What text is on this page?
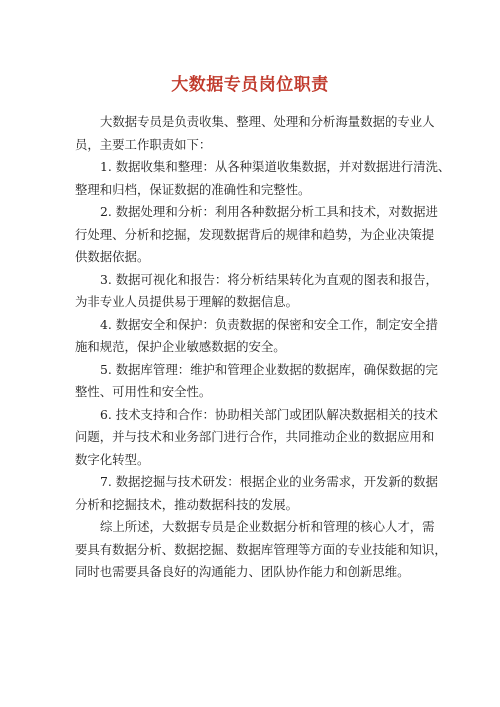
大数据专员岗位职责

大数据专员是负责收集、整理、处理和分析海量数据的专业人
员，主要工作职责如下：

1. 数据收集和整理：从各种渠道收集数据，并对数据进行清洗、
整理和归档，保证数据的准确性和完整性。

2. 数据处理和分析：利用各种数据分析工具和技术，对数据进
行处理、分析和挖掘，发现数据背后的规律和趋势，为企业决策提
供数据依据。

3. 数据可视化和报告：将分析结果转化为直观的图表和报告，
为非专业人员提供易于理解的数据信息。

4. 数据安全和保护：负责数据的保密和安全工作，制定安全措
施和规范，保护企业敏感数据的安全。

5. 数据库管理：维护和管理企业数据的数据库，确保数据的完
整性、可用性和安全性。

6. 技术支持和合作：协助相关部门或团队解决数据相关的技术
问题，并与技术和业务部门进行合作，共同推动企业的数据应用和
数字化转型。

7. 数据挖掘与技术研发：根据企业的业务需求，开发新的数据
分析和挖掘技术，推动数据科技的发展。

综上所述，大数据专员是企业数据分析和管理的核心人才，需
要具有数据分析、数据挖掘、数据库管理等方面的专业技能和知识，
同时也需要具备良好的沟通能力、团队协作能力和创新思维。
